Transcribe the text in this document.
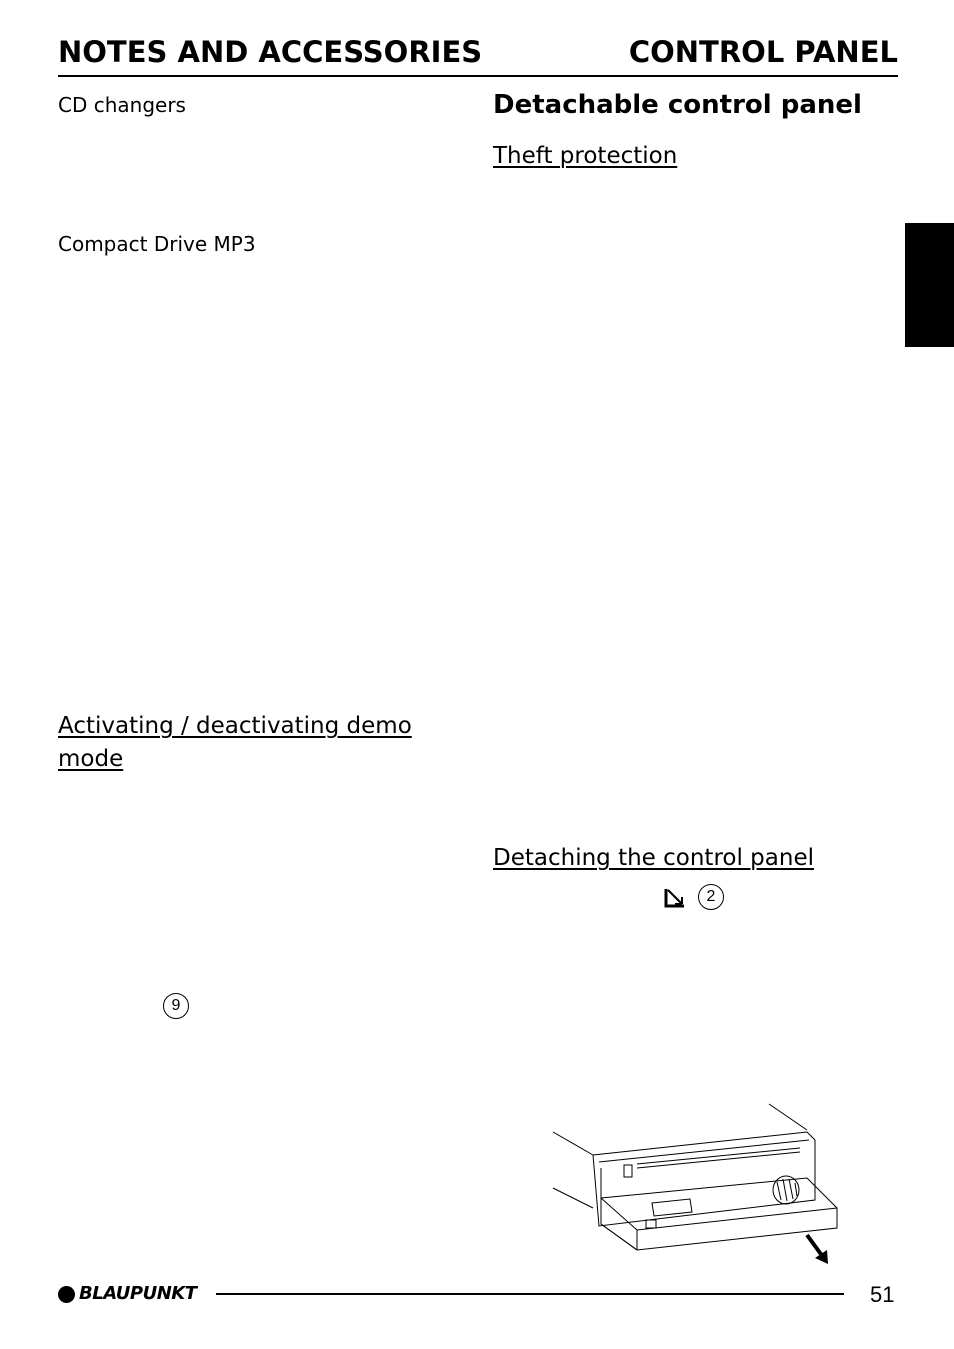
NOTES AND ACCESSORIES	CONTROL PANEL
CD changers
Compact Drive MP3
Activating / deactivating demo
mode
9
Detachable control panel
Theft protection
Detaching the control panel
2
BLAUPUNKT	51
